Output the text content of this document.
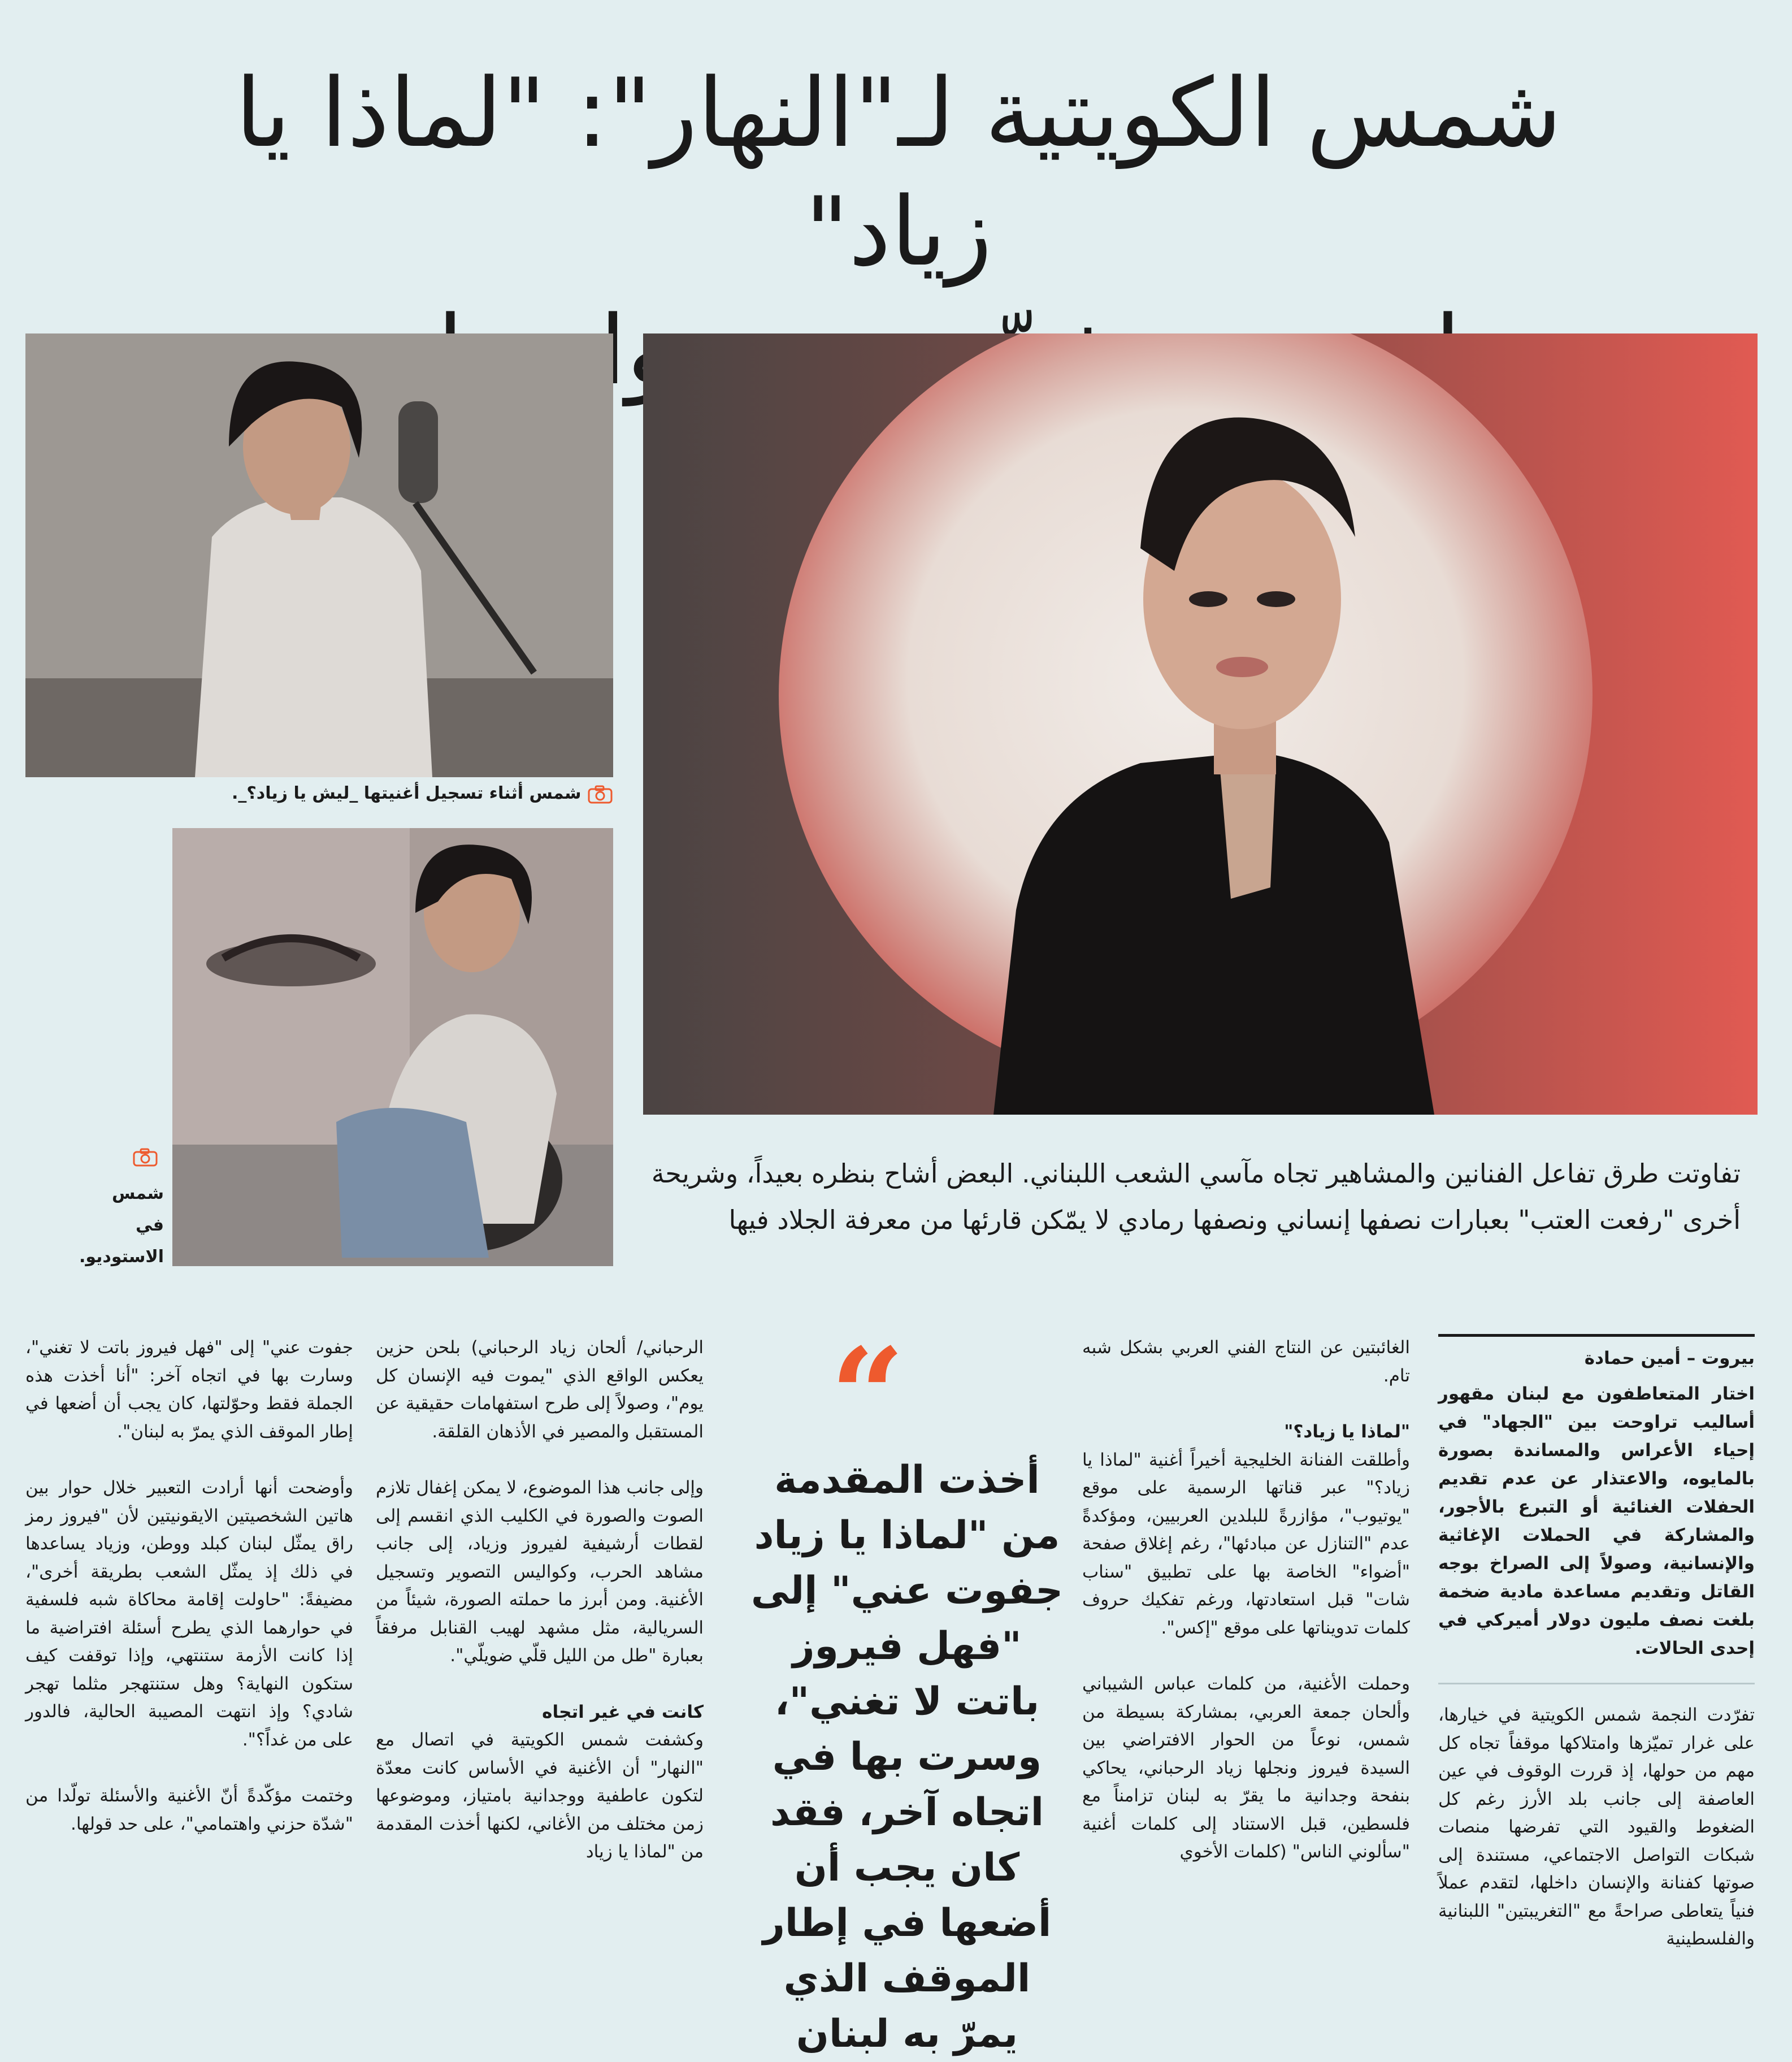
شمس الكويتية لـ"النهار": "لماذا يا زياد"
شمس أثناء تسجيل أغنيتها _ليش يا زياد؟_.
شمس
في
الاستوديو.
تفاوتت طرق تفاعل الفنانين والمشاهير تجاه مآسي الشعب اللبناني. البعض أشاح بنظره بعيداً، وشريحة أخرى "رفعت العتب" بعبارات نصفها إنساني ونصفها رمادي لا يمّكن قارئها من معرفة الجلاد فيها
بيروت – أمين حمادة
اختار المتعاطفون مع لبنان مقهور أساليب تراوحت بين "الجهاد" في إحياء الأعراس والمساندة بصورة بالمايوه، والاعتذار عن عدم تقديم الحفلات الغنائية أو التبرع بالأجور، والمشاركة في الحملات الإغاثية والإنسانية، وصولاً إلى الصراخ بوجه القاتل وتقديم مساعدة مادية ضخمة بلغت نصف مليون دولار أميركي في إحدى الحالات.
تفرّدت النجمة شمس الكويتية في خيارها، على غرار تميّزها وامتلاكها موقفاً تجاه كل مهم من حولها، إذ قررت الوقوف في عين العاصفة إلى جانب بلد الأرز رغم كل الضغوط والقيود التي تفرضها منصات شبكات التواصل الاجتماعي، مستندة إلى صوتها كفنانة والإنسان داخلها، لتقدم عملاً فنياً يتعاطى صراحةً مع "التغريبتين" اللبنانية والفلسطينية

الغائبتين عن النتاج الفني العربي بشكل شبه تام.

"لماذا يا زياد؟"

وأطلقت الفنانة الخليجية أخيراً أغنية "لماذا يا زياد؟" عبر قناتها الرسمية على موقع "يوتيوب"، مؤازرةً للبلدين العربيين، ومؤكدةً عدم "التنازل عن مبادئها"، رغم إغلاق صفحة "أضواء" الخاصة بها على تطبيق "سناب شات" قبل استعادتها، ورغم تفكيك حروف كلمات تدويناتها على موقع "إكس".

وحملت الأغنية، من كلمات عباس الشيباني وألحان جمعة العربي، بمشاركة بسيطة من شمس، نوعاً من الحوار الافتراضي بين السيدة فيروز ونجلها زياد الرحباني، يحاكي بنفحة وجدانية ما يقرّ به لبنان تزامناً مع فلسطين، قبل الاستناد إلى كلمات أغنية "سألوني الناس" (كلمات الأخوي

“
أخذت المقدمة من "لماذا يا زياد جفوت عني" إلى "فهل فيروز باتت لا تغني"، وسرت بها في اتجاه آخر، فقد كان يجب أن أضعها في إطار الموقف الذي يمرّ به لبنان

الرحباني/ ألحان زياد الرحباني) بلحن حزين يعكس الواقع الذي "يموت فيه الإنسان كل يوم"، وصولاً إلى طرح استفهامات حقيقية عن المستقبل والمصير في الأذهان القلقة.

وإلى جانب هذا الموضوع، لا يمكن إغفال تلازم الصوت والصورة في الكليب الذي انقسم إلى لقطات أرشيفية لفيروز وزياد، إلى جانب مشاهد الحرب، وكواليس التصوير وتسجيل الأغنية. ومن أبرز ما حملته الصورة، شيئاً من السريالية، مثل مشهد لهيب القنابل مرفقاً بعبارة "طل من الليل قلّي ضويلّي".

كانت في غير اتجاه

وكشفت شمس الكويتية في اتصال مع "النهار" أن الأغنية في الأساس كانت معدّة لتكون عاطفية ووجدانية بامتياز، وموضوعها زمن مختلف من الأغاني، لكنها أخذت المقدمة من "لماذا يا زياد

جفوت عني" إلى "فهل فيروز باتت لا تغني"، وسارت بها في اتجاه آخر: "أنا أخذت هذه الجملة فقط وحوّلتها، كان يجب أن أضعها في إطار الموقف الذي يمرّ به لبنان".

وأوضحت أنها أرادت التعبير خلال حوار بين هاتين الشخصيتين الايقونيتين لأن "فيروز رمز راق يمثّل لبنان كبلد ووطن، وزياد يساعدها في ذلك إذ يمثّل الشعب بطريقة أخرى"، مضيفةً: "حاولت إقامة محاكاة شبه فلسفية في حوارهما الذي يطرح أسئلة افتراضية ما إذا كانت الأزمة ستنتهي، وإذا توقفت كيف ستكون النهاية؟ وهل ستنتهجر مثلما تهجر شادي؟ وإذ انتهت المصيبة الحالية، فالدور على من غداً؟".

وختمت مؤكّدةً أنّ الأغنية والأسئلة تولّدا من "شدّة حزني واهتمامي"، على حد قولها.
